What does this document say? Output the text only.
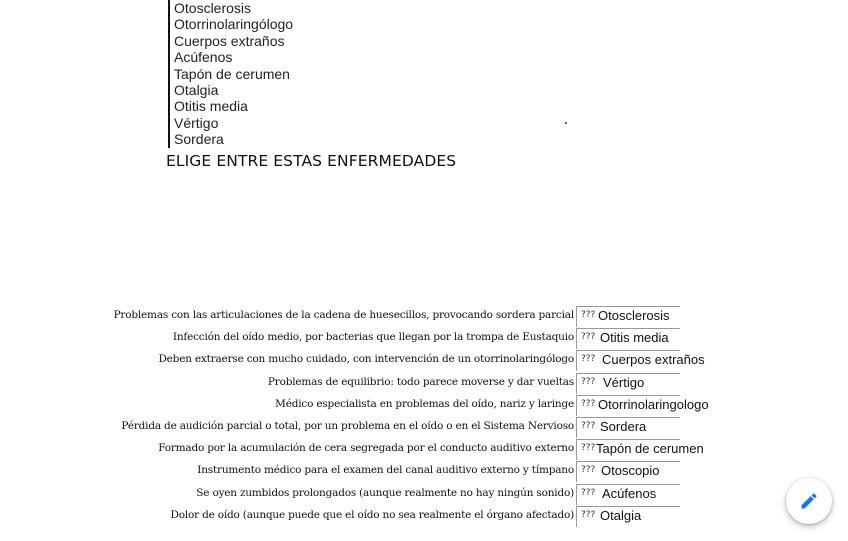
Otosclerosis
Otorrinolaringólogo
Cuerpos extraños
Acúfenos
Tapón de cerumen
Otalgia
Otitis media
Vértigo
Sordera
ELIGE ENTRE ESTAS ENFERMEDADES
Problemas con las articulaciones de la cadena de huesecillos, provocando sordera parcial ??? Otosclerosis
Infección del oído medio, por bacterias que llegan por la trompa de Eustaquio ??? Otitis media
Deben extraerse con mucho cuidado, con intervención de un otorrinolaringólogo ??? Cuerpos extraños
Problemas de equilibrio: todo parece moverse y dar vueltas ??? Vértigo
Médico especialista en problemas del oído, nariz y laringe ??? Otorrinolaringologo
Pérdida de audición parcial o total, por un problema en el oído o en el Sistema Nervioso ??? Sordera
Formado por la acumulación de cera segregada por el conducto auditivo externo ??? Tapón de cerumen
Instrumento médico para el examen del canal auditivo externo y tímpano ??? Otoscopio
Se oyen zumbidos prolongados (aunque realmente no hay ningún sonido) ??? Acúfenos
Dolor de oído (aunque puede que el oído no sea realmente el órgano afectado) ??? Otalgia
